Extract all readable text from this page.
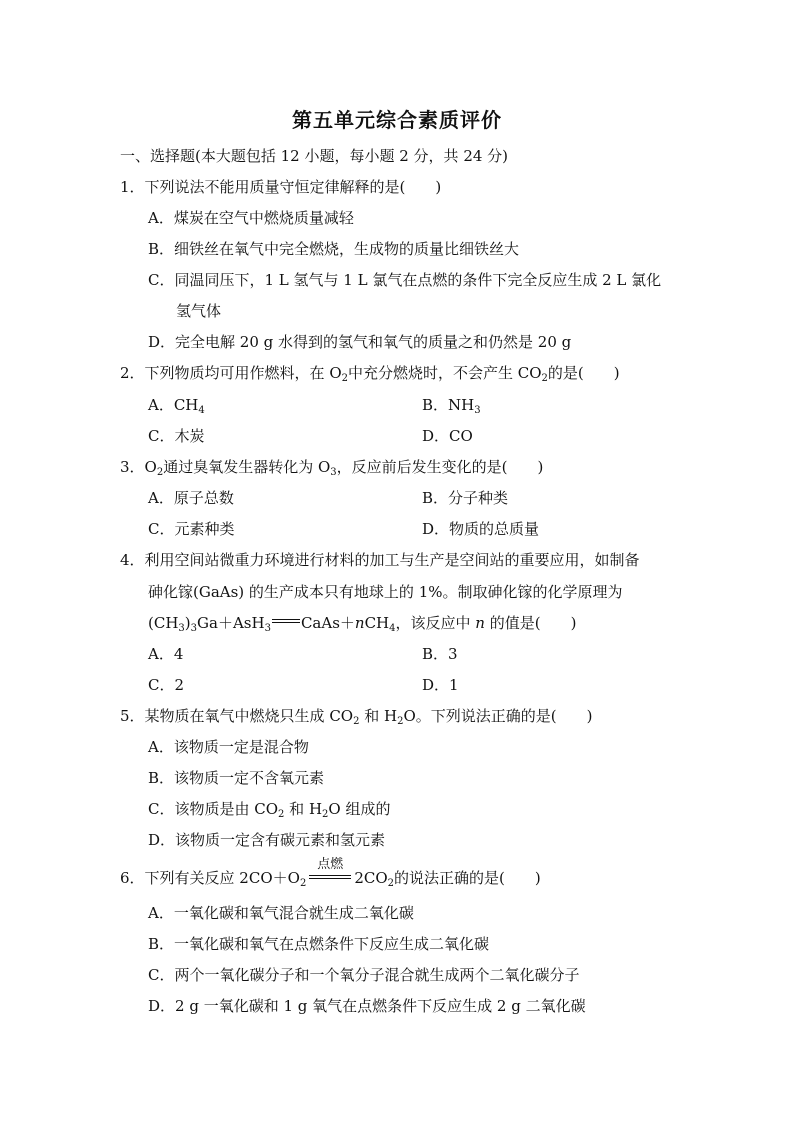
第五单元综合素质评价
一、选择题(本大题包括 12 小题，每小题 2 分，共 24 分)
1．下列说法不能用质量守恒定律解释的是(　　)
A．煤炭在空气中燃烧质量减轻
B．细铁丝在氧气中完全燃烧，生成物的质量比细铁丝大
C．同温同压下，1 L 氢气与 1 L 氯气在点燃的条件下完全反应生成 2 L 氯化
氢气体
D．完全电解 20 g 水得到的氢气和氧气的质量之和仍然是 20 g
2．下列物质均可用作燃料，在 $O_2$中充分燃烧时，不会产生 $CO_2$的是(　　)
A．$CH_4$	B．$NH_3$
C．木炭	D．CO
3．$O_2$通过臭氧发生器转化为 $O_3$，反应前后发生变化的是(　　)
A．原子总数	B．分子种类
C．元素种类	D．物质的总质量
4．利用空间站微重力环境进行材料的加工与生产是空间站的重要应用，如制备
砷化镓(GaAs) 的生产成本只有地球上的 1%。制取砷化镓的化学原理为
$(CH_3)_3Ga+AsH_3$ CaAs＋nCH$_4$，该反应中 n 的值是(　　)
A．4	B．3
C．2	D．1
5．某物质在氧气中燃烧只生成 $CO_2$ 和 $H_2O$。下列说法正确的是(　　)
A．该物质一定是混合物
B．该物质一定不含氧元素
C．该物质是由 $CO_2$ 和 $H_2O$ 组成的
D．该物质一定含有碳元素和氢元素
6．下列有关反应 $2CO+O_2$
点燃
$2CO_2$的说法正确的是(　　)
A．一氧化碳和氧气混合就生成二氧化碳
B．一氧化碳和氧气在点燃条件下反应生成二氧化碳
C．两个一氧化碳分子和一个氧分子混合就生成两个二氧化碳分子
D．2 g 一氧化碳和 1 g 氧气在点燃条件下反应生成 2 g 二氧化碳
